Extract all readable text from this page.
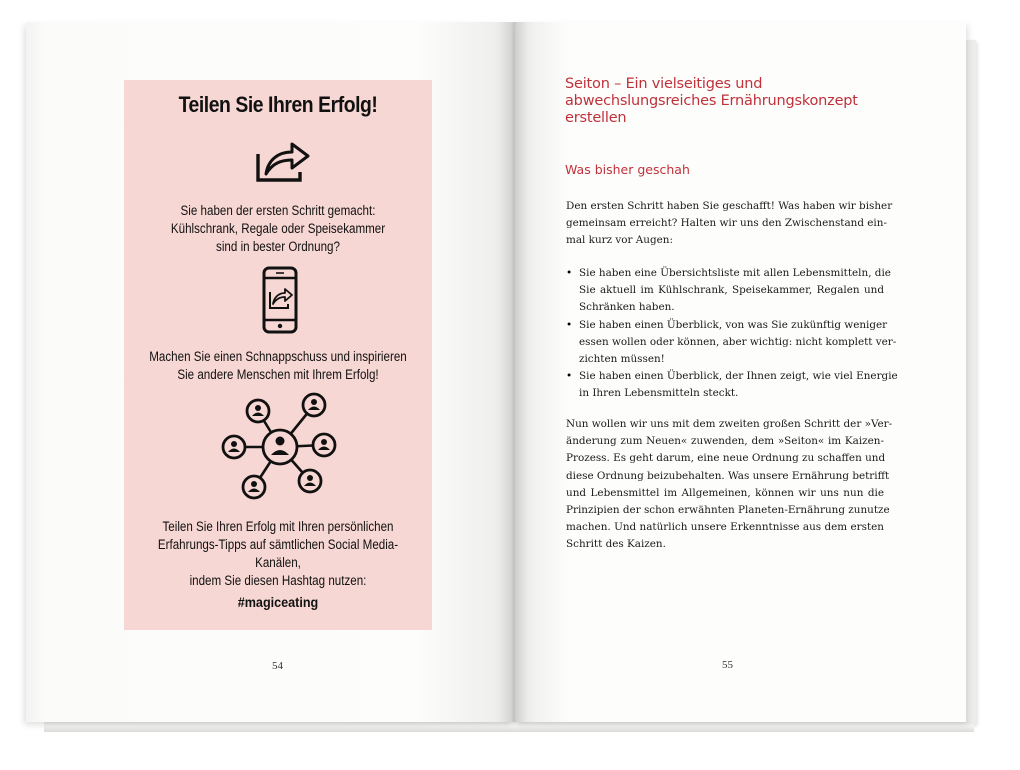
Teilen Sie Ihren Erfolg!
Sie haben der ersten Schritt gemacht:
Kühlschrank, Regale oder Speisekammer
sind in bester Ordnung?
Machen Sie einen Schnappschuss und inspirieren
Sie andere Menschen mit Ihrem Erfolg!
Teilen Sie Ihren Erfolg mit Ihren persönlichen
Erfahrungs-Tipps auf sämtlichen Social Media-Kanälen,
indem Sie diesen Hashtag nutzen:
#magiceating
54
Seiton – Ein vielseitiges und
abwechslungsreiches Ernährungskonzept
erstellen
Was bisher geschah
Den ersten Schritt haben Sie geschafft! Was haben wir bisher
gemeinsam erreicht? Halten wir uns den Zwischenstand ein-
mal kurz vor Augen:
• Sie haben eine Übersichtsliste mit allen Lebensmitteln, die
Sie aktuell im Kühlschrank, Speisekammer, Regalen und
Schränken haben.
• Sie haben einen Überblick, von was Sie zukünftig weniger
essen wollen oder können, aber wichtig: nicht komplett ver-
zichten müssen!
• Sie haben einen Überblick, der Ihnen zeigt, wie viel Energie
in Ihren Lebensmitteln steckt.
Nun wollen wir uns mit dem zweiten großen Schritt der »Ver-
änderung zum Neuen« zuwenden, dem »Seiton« im Kaizen-
Prozess. Es geht darum, eine neue Ordnung zu schaffen und
diese Ordnung beizubehalten. Was unsere Ernährung betrifft
und Lebensmittel im Allgemeinen, können wir uns nun die
Prinzipien der schon erwähnten Planeten-Ernährung zunutze
machen. Und natürlich unsere Erkenntnisse aus dem ersten
Schritt des Kaizen.
55
